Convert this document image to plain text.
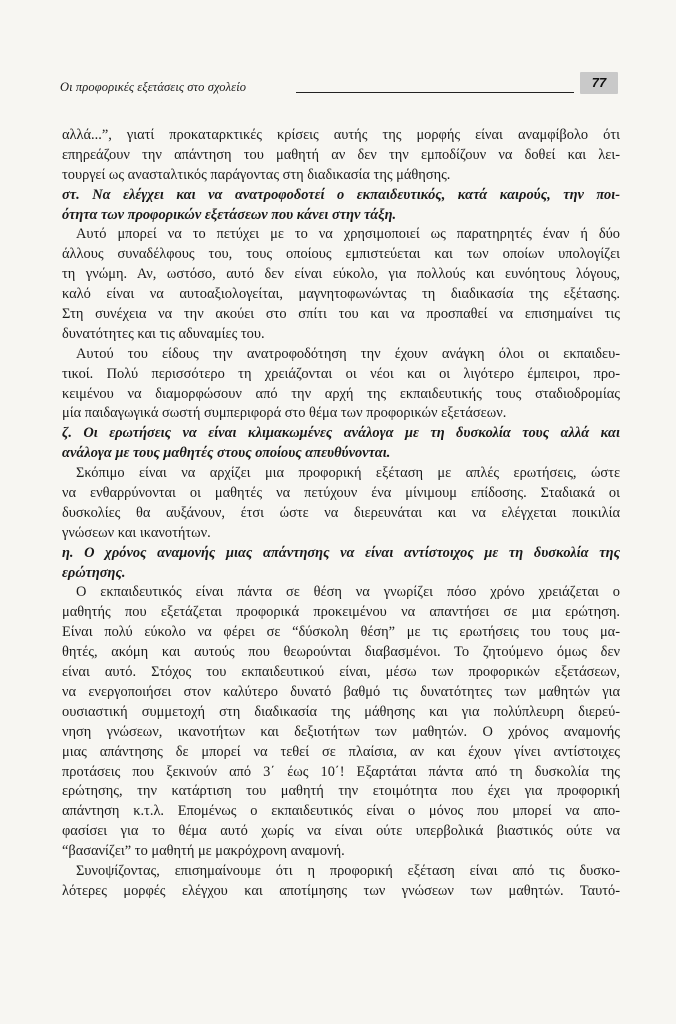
Οι προφορικές εξετάσεις στο σχολείο	77
αλλά...”, γιατί προκαταρκτικές κρίσεις αυτής της μορφής είναι αναμφίβολο ότι
επηρεάζουν την απάντηση του μαθητή αν δεν την εμποδίζουν να δοθεί και λει-
τουργεί ως ανασταλτικός παράγοντας στη διαδικασία της μάθησης.
στ. Να ελέγχει και να ανατροφοδοτεί ο εκπαιδευτικός, κατά καιρούς, την ποι-
ότητα των προφορικών εξετάσεων που κάνει στην τάξη.
Αυτό μπορεί να το πετύχει με το να χρησιμοποιεί ως παρατηρητές έναν ή δύο
άλλους συναδέλφους του, τους οποίους εμπιστεύεται και των οποίων υπολογίζει
τη γνώμη. Αν, ωστόσο, αυτό δεν είναι εύκολο, για πολλούς και ευνόητους λόγους,
καλό είναι να αυτοαξιολογείται, μαγνητοφωνώντας τη διαδικασία της εξέτασης.
Στη συνέχεια να την ακούει στο σπίτι του και να προσπαθεί να επισημαίνει τις
δυνατότητες και τις αδυναμίες του.
Αυτού του είδους την ανατροφοδότηση την έχουν ανάγκη όλοι οι εκπαιδευ-
τικοί. Πολύ περισσότερο τη χρειάζονται οι νέοι και οι λιγότερο έμπειροι, προ-
κειμένου να διαμορφώσουν από την αρχή της εκπαιδευτικής τους σταδιοδρομίας
μία παιδαγωγικά σωστή συμπεριφορά στο θέμα των προφορικών εξετάσεων.
ζ. Οι ερωτήσεις να είναι κλιμακωμένες ανάλογα με τη δυσκολία τους αλλά και
ανάλογα με τους μαθητές στους οποίους απευθύνονται.
Σκόπιμο είναι να αρχίζει μια προφορική εξέταση με απλές ερωτήσεις, ώστε
να ενθαρρύνονται οι μαθητές να πετύχουν ένα μίνιμουμ επίδοσης. Σταδιακά οι
δυσκολίες θα αυξάνουν, έτσι ώστε να διερευνάται και να ελέγχεται ποικιλία
γνώσεων και ικανοτήτων.
η. Ο χρόνος αναμονής μιας απάντησης να είναι αντίστοιχος με τη δυσκολία της
ερώτησης.
Ο εκπαιδευτικός είναι πάντα σε θέση να γνωρίζει πόσο χρόνο χρειάζεται ο
μαθητής που εξετάζεται προφορικά προκειμένου να απαντήσει σε μια ερώτηση.
Είναι πολύ εύκολο να φέρει σε “δύσκολη θέση” με τις ερωτήσεις του τους μα-
θητές, ακόμη και αυτούς που θεωρούνται διαβασμένοι. Το ζητούμενο όμως δεν
είναι αυτό. Στόχος του εκπαιδευτικού είναι, μέσω των προφορικών εξετάσεων,
να ενεργοποιήσει στον καλύτερο δυνατό βαθμό τις δυνατότητες των μαθητών για
ουσιαστική συμμετοχή στη διαδικασία της μάθησης και για πολύπλευρη διερεύ-
νηση γνώσεων, ικανοτήτων και δεξιοτήτων των μαθητών. Ο χρόνος αναμονής
μιας απάντησης δε μπορεί να τεθεί σε πλαίσια, αν και έχουν γίνει αντίστοιχες
προτάσεις που ξεκινούν από 3΄ έως 10΄! Εξαρτάται πάντα από τη δυσκολία της
ερώτησης, την κατάρτιση του μαθητή την ετοιμότητα που έχει για προφορική
απάντηση κ.τ.λ. Επομένως ο εκπαιδευτικός είναι ο μόνος που μπορεί να απο-
φασίσει για το θέμα αυτό χωρίς να είναι ούτε υπερβολικά βιαστικός ούτε να
“βασανίζει” το μαθητή με μακρόχρονη αναμονή.
Συνοψίζοντας, επισημαίνουμε ότι η προφορική εξέταση είναι από τις δυσκο-
λότερες μορφές ελέγχου και αποτίμησης των γνώσεων των μαθητών. Ταυτό-
